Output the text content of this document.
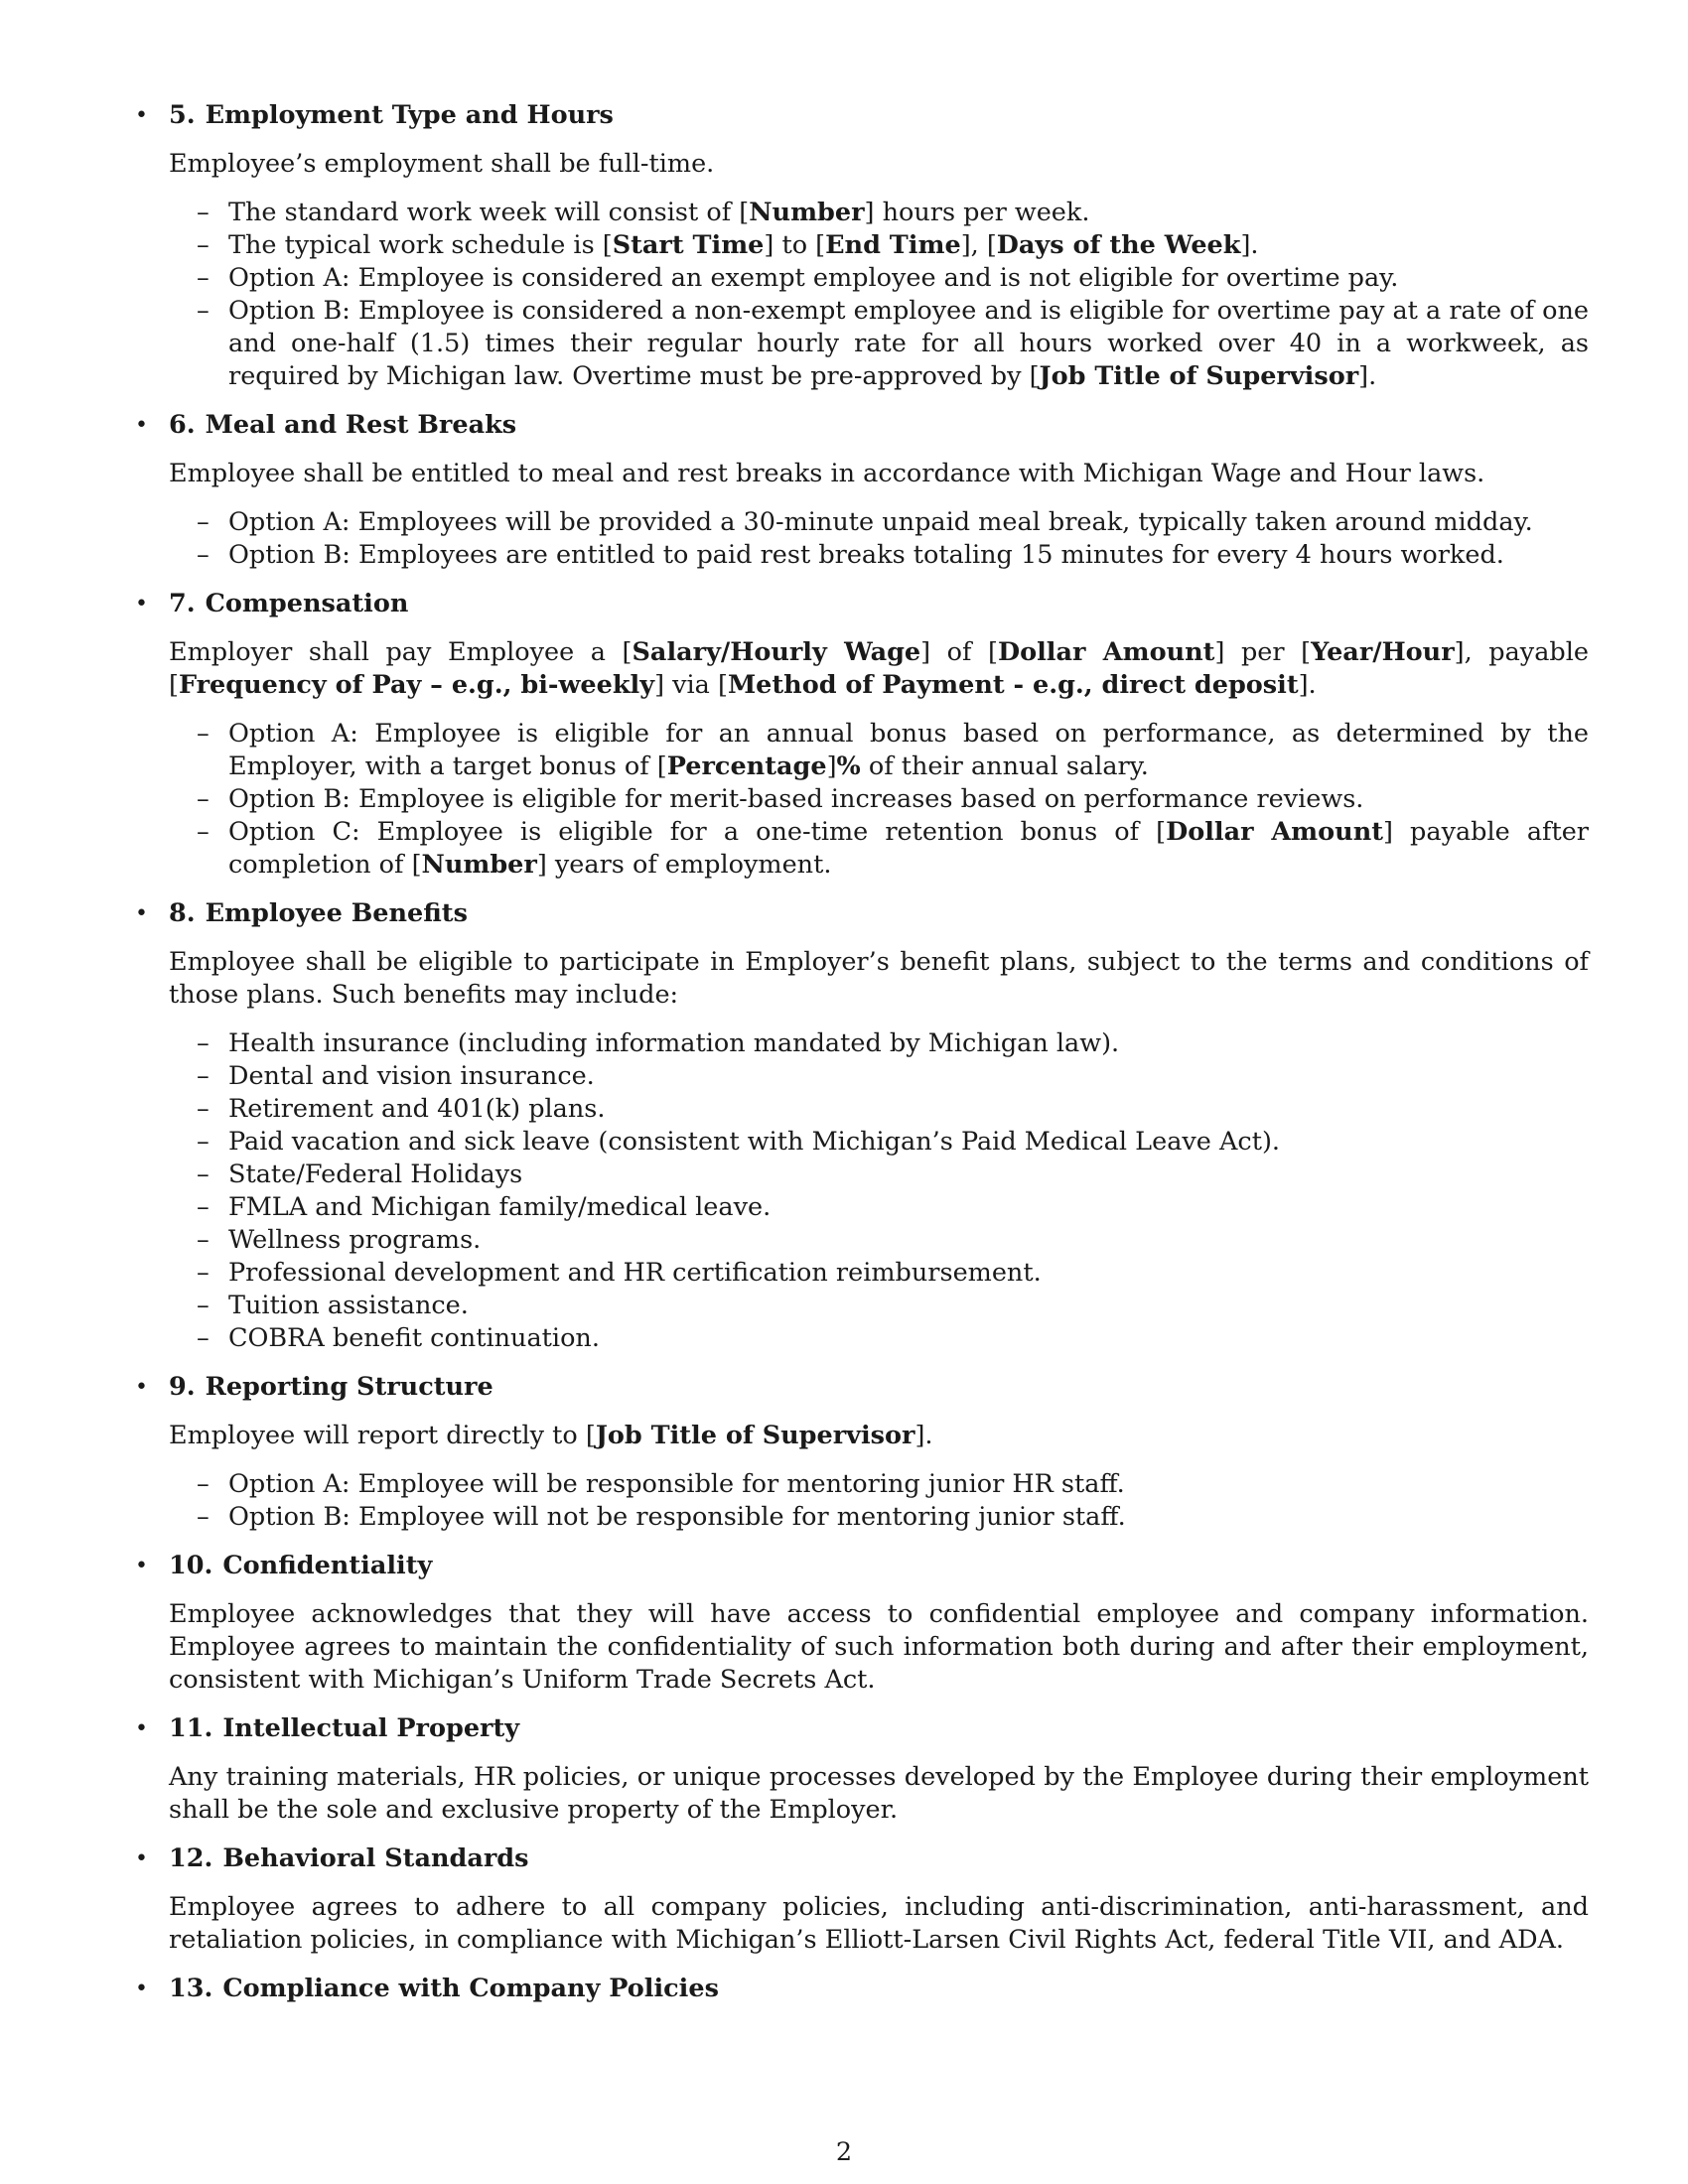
• 5. Employment Type and Hours
Employee’s employment shall be full-time.
– The standard work week will consist of [Number] hours per week.
– The typical work schedule is [Start Time] to [End Time], [Days of the Week].
– Option A: Employee is considered an exempt employee and is not eligible for overtime pay.
– Option B: Employee is considered a non-exempt employee and is eligible for overtime pay at a rate of one and one-half (1.5) times their regular hourly rate for all hours worked over 40 in a workweek, as required by Michigan law. Overtime must be pre-approved by [Job Title of Supervisor].
• 6. Meal and Rest Breaks
Employee shall be entitled to meal and rest breaks in accordance with Michigan Wage and Hour laws.
– Option A: Employees will be provided a 30-minute unpaid meal break, typically taken around midday.
– Option B: Employees are entitled to paid rest breaks totaling 15 minutes for every 4 hours worked.
• 7. Compensation
Employer shall pay Employee a [Salary/Hourly Wage] of [Dollar Amount] per [Year/Hour], payable [Frequency of Pay – e.g., bi-weekly] via [Method of Payment - e.g., direct deposit].
– Option A: Employee is eligible for an annual bonus based on performance, as determined by the Employer, with a target bonus of [Percentage]% of their annual salary.
– Option B: Employee is eligible for merit-based increases based on performance reviews.
– Option C: Employee is eligible for a one-time retention bonus of [Dollar Amount] payable after completion of [Number] years of employment.
• 8. Employee Benefits
Employee shall be eligible to participate in Employer’s benefit plans, subject to the terms and conditions of those plans. Such benefits may include:
– Health insurance (including information mandated by Michigan law).
– Dental and vision insurance.
– Retirement and 401(k) plans.
– Paid vacation and sick leave (consistent with Michigan’s Paid Medical Leave Act).
– State/Federal Holidays
– FMLA and Michigan family/medical leave.
– Wellness programs.
– Professional development and HR certification reimbursement.
– Tuition assistance.
– COBRA benefit continuation.
• 9. Reporting Structure
Employee will report directly to [Job Title of Supervisor].
– Option A: Employee will be responsible for mentoring junior HR staff.
– Option B: Employee will not be responsible for mentoring junior staff.
• 10. Confidentiality
Employee acknowledges that they will have access to confidential employee and company information. Employee agrees to maintain the confidentiality of such information both during and after their employment, consistent with Michigan’s Uniform Trade Secrets Act.
• 11. Intellectual Property
Any training materials, HR policies, or unique processes developed by the Employee during their employment shall be the sole and exclusive property of the Employer.
• 12. Behavioral Standards
Employee agrees to adhere to all company policies, including anti-discrimination, anti-harassment, and retaliation policies, in compliance with Michigan’s Elliott-Larsen Civil Rights Act, federal Title VII, and ADA.
• 13. Compliance with Company Policies
2
